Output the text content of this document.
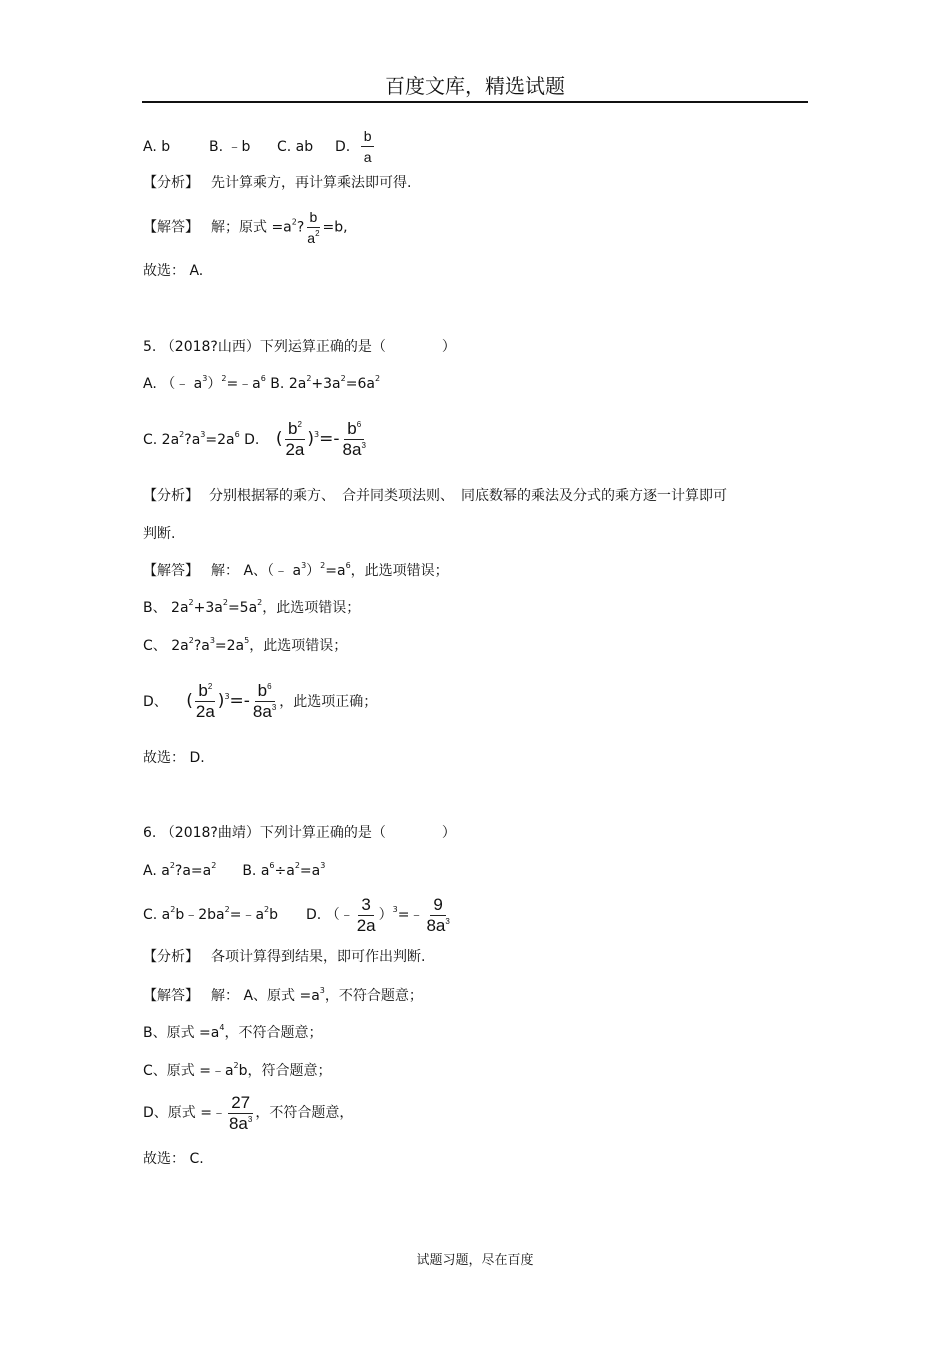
百度文库，精选试题
A. b	B. ﹣b C. ab D. $\frac{b}{a}$
【分析】 先计算乘方，再计算乘法即可得.
【解答】 解；原式 $=a^2$? $\frac{b}{a^2} =b$,
故选： A.
5. （2018?山西）下列运算正确的是（　　　　）
A. （﹣ $a^3)^2=﹣a^6$ B. $2a^2+3a^2=6a^2$
C. $2a^2?a^3=2a^6$ D. ( $\frac{b^2}{2a} )^3=- \frac{b^6}{8a^3}$
【分析】 分别根据幂的乘方、　合并同类项法则、　同底数幂的乘法及分式的乘方逐一计算即可
判断.
【解答】 解： A、（﹣ $a^3)^2=a^6$，此选项错误；
B、 $2a^2+3a^2=5a^2$，此选项错误；
C、 $2a^2?a^3=2a^5$，此选项错误；
D、 ( $\frac{b^2}{2a} )^3=- \frac{b^6}{8a^3}$ ，此选项正确；
故选： D.
6. （2018?曲靖）下列计算正确的是（　　　　）
A. $a^2?a=a^2$ B. $a^6\div a^2=a^3$
C. $a^2b﹣2ba^2=﹣a^2b$ D. （﹣ $\frac{3}{2a}$ ）$^3$=﹣ $\frac{9}{8a^3}$
【分析】 各项计算得到结果，即可作出判断.
【解答】 解： A、原式 $=a^3$，不符合题意；
B、原式 $=a^4$，不符合题意；
C、原式 $=﹣a^2b$，符合题意；
D、原式 =﹣ $\frac{27}{8a^3}$ ，不符合题意，
故选： C.
试题习题，尽在百度
